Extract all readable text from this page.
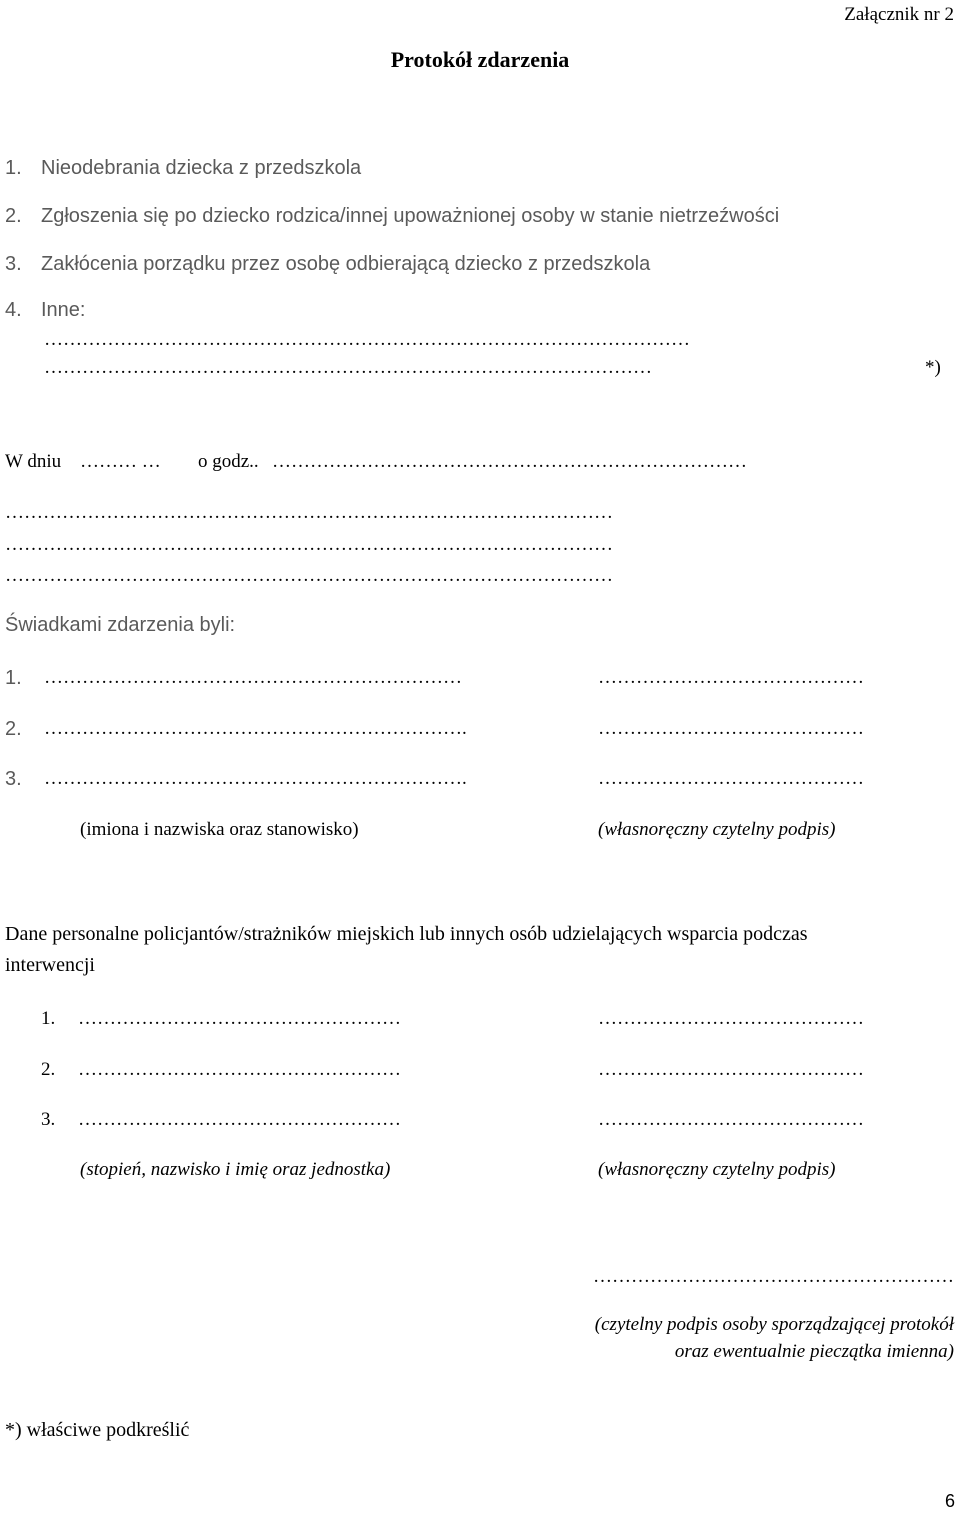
Załącznik nr 2
Protokół zdarzenia
1. Nieodebrania dziecka z przedszkola
2. Zgłoszenia się po dziecko rodzica/innej upoważnionej osoby w stanie nietrzeźwości
3. Zakłócenia porządku przez osobę odbierającą dziecko z przedszkola
4. Inne:
…………………………………………………………………………………………
……………………………………………………………………………………	*)
W dniu ……… … o godz.. …………………………………………………………………
……………………………………………………………………………………
……………………………………………………………………………………
……………………………………………………………………………………
Świadkami zdarzenia byli:
1. …………………………………………………………	……………………………………
2. ………………………………………………………….	……………………………………
3. ………………………………………………………….	……………………………………
(imiona i nazwiska oraz stanowisko)	(własnoręczny czytelny podpis)
Dane personalne policjantów/strażników miejskich lub innych osób udzielających wsparcia podczas
interwencji
1. ……………………………………………	……………………………………
2. ……………………………………………	……………………………………
3. ……………………………………………	……………………………………
(stopień, nazwisko i imię oraz jednostka)	(własnoręczny czytelny podpis)
…………………………………………………
(czytelny podpis osoby sporządzającej protokół
oraz ewentualnie pieczątka imienna)
*) właściwe podkreślić
6
